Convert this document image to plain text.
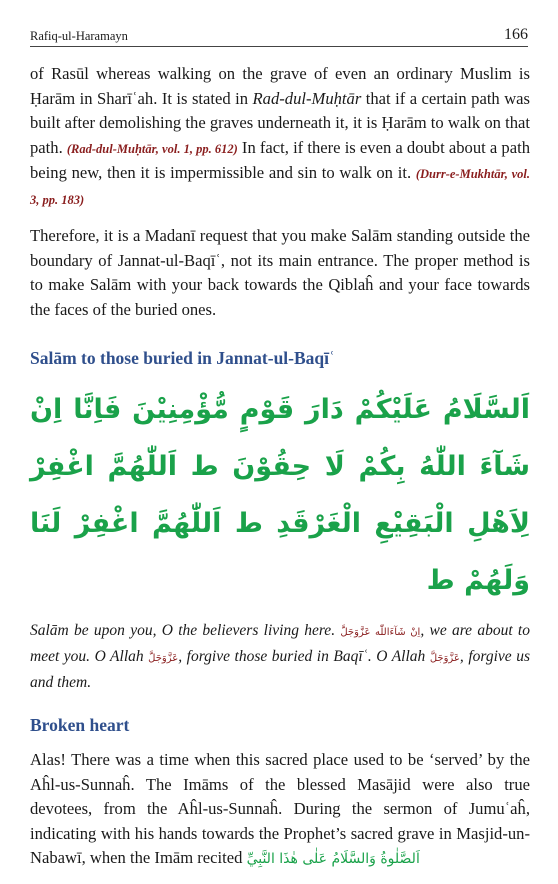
Rafiq-ul-Haramayn	166

of Rasūl whereas walking on the grave of even an ordinary Muslim is Ḥarām in Sharīʿah. It is stated in Rad-dul-Muḥtār that if a certain path was built after demolishing the graves underneath it, it is Ḥarām to walk on that path. (Rad-dul-Muḥtār, vol. 1, pp. 612) In fact, if there is even a doubt about a path being new, then it is impermissible and sin to walk on it. (Durr-e-Mukhtār, vol. 3, pp. 183)

Therefore, it is a Madanī request that you make Salām standing outside the boundary of Jannat-ul-Baqīʿ, not its main entrance. The proper method is to make Salām with your back towards the Qiblaĥ and your face towards the faces of the buried ones.

Salām to those buried in Jannat-ul-Baqīʿ
اَلسَّلَامُ عَلَيْكُمْ دَارَ قَوْمٍ مُّؤْمِنِيْنَ فَاِنَّا اِنْ شَآءَ اللّٰهُ بِكُمْ لَا حِقُوْنَ ط اَللّٰهُمَّ اغْفِرْ لِاَهْلِ الْبَقِيْعِ الْغَرْقَدِ ط اَللّٰهُمَّ اغْفِرْ لَنَا وَلَهُمْ ط

Salām be upon you, O the believers living here. اِنْ شَآءَاللّٰه عَزَّوَجَلَّ, we are about to meet you. O Allah عَزَّوَجَلَّ, forgive those buried in Baqīʿ. O Allah عَزَّوَجَلَّ, forgive us and them.

Broken heart

Alas! There was a time when this sacred place used to be ‘served’ by the Aĥl-us-Sunnaĥ. The Imāms of the blessed Masājid were also true devotees, from the Aĥl-us-Sunnaĥ. During the sermon of Jumuʿaĥ, indicating with his hands towards the Prophet’s sacred grave in Masjid-un-Nabawī, when the Imām recited اَلصَّلٰوةُ وَالسَّلَامُ عَلٰى هٰذَا النَّبِيِّ
